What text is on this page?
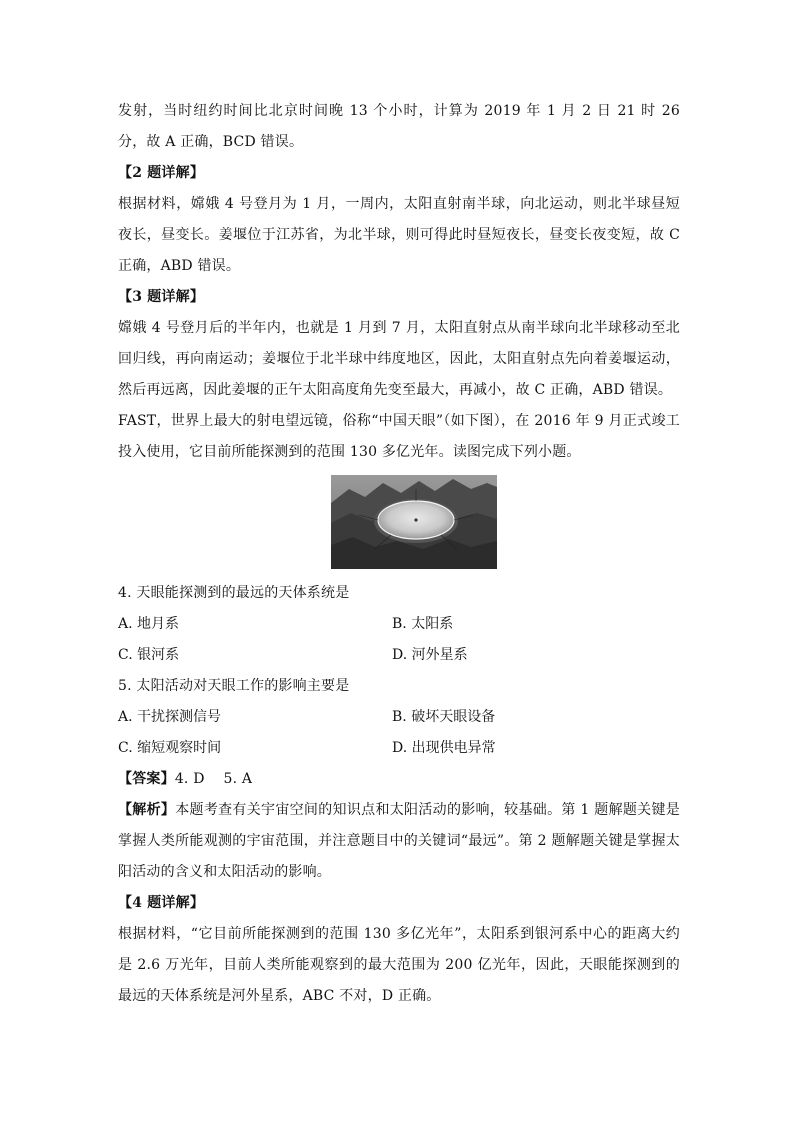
发射，当时纽约时间比北京时间晚 13 个小时，计算为 2019 年 1 月 2 日 21 时 26 分，故 A 正确，BCD 错误。

【2 题详解】

根据材料，嫦娥 4 号登月为 1 月，一周内，太阳直射南半球，向北运动，则北半球昼短夜长，昼变长。姜堰位于江苏省，为北半球，则可得此时昼短夜长，昼变长夜变短，故 C 正确，ABD 错误。

【3 题详解】

嫦娥 4 号登月后的半年内，也就是 1 月到 7 月，太阳直射点从南半球向北半球移动至北回归线，再向南运动；姜堰位于北半球中纬度地区，因此，太阳直射点先向着姜堰运动，然后再远离，因此姜堰的正午太阳高度角先变至最大，再减小，故 C 正确，ABD 错误。

FAST，世界上最大的射电望远镜，俗称“中国天眼”（如下图），在 2016 年 9 月正式竣工投入使用，它目前所能探测到的范围 130 多亿光年。读图完成下列小题。

4. 天眼能探测到的最远的天体系统是

A. 地月系	B. 太阳系
C. 银河系	D. 河外星系

5. 太阳活动对天眼工作的影响主要是

A. 干扰探测信号	B. 破坏天眼设备
C. 缩短观察时间	D. 出现供电异常

【答案】4. D　 5. A

【解析】本题考查有关宇宙空间的知识点和太阳活动的影响，较基础。第 1 题解题关键是掌握人类所能观测的宇宙范围，并注意题目中的关键词“最远”。第 2 题解题关键是掌握太阳活动的含义和太阳活动的影响。

【4 题详解】

根据材料，“它目前所能探测到的范围 130 多亿光年”，太阳系到银河系中心的距离大约是 2.6 万光年，目前人类所能观察到的最大范围为 200 亿光年，因此，天眼能探测到的最远的天体系统是河外星系，ABC 不对，D 正确。
